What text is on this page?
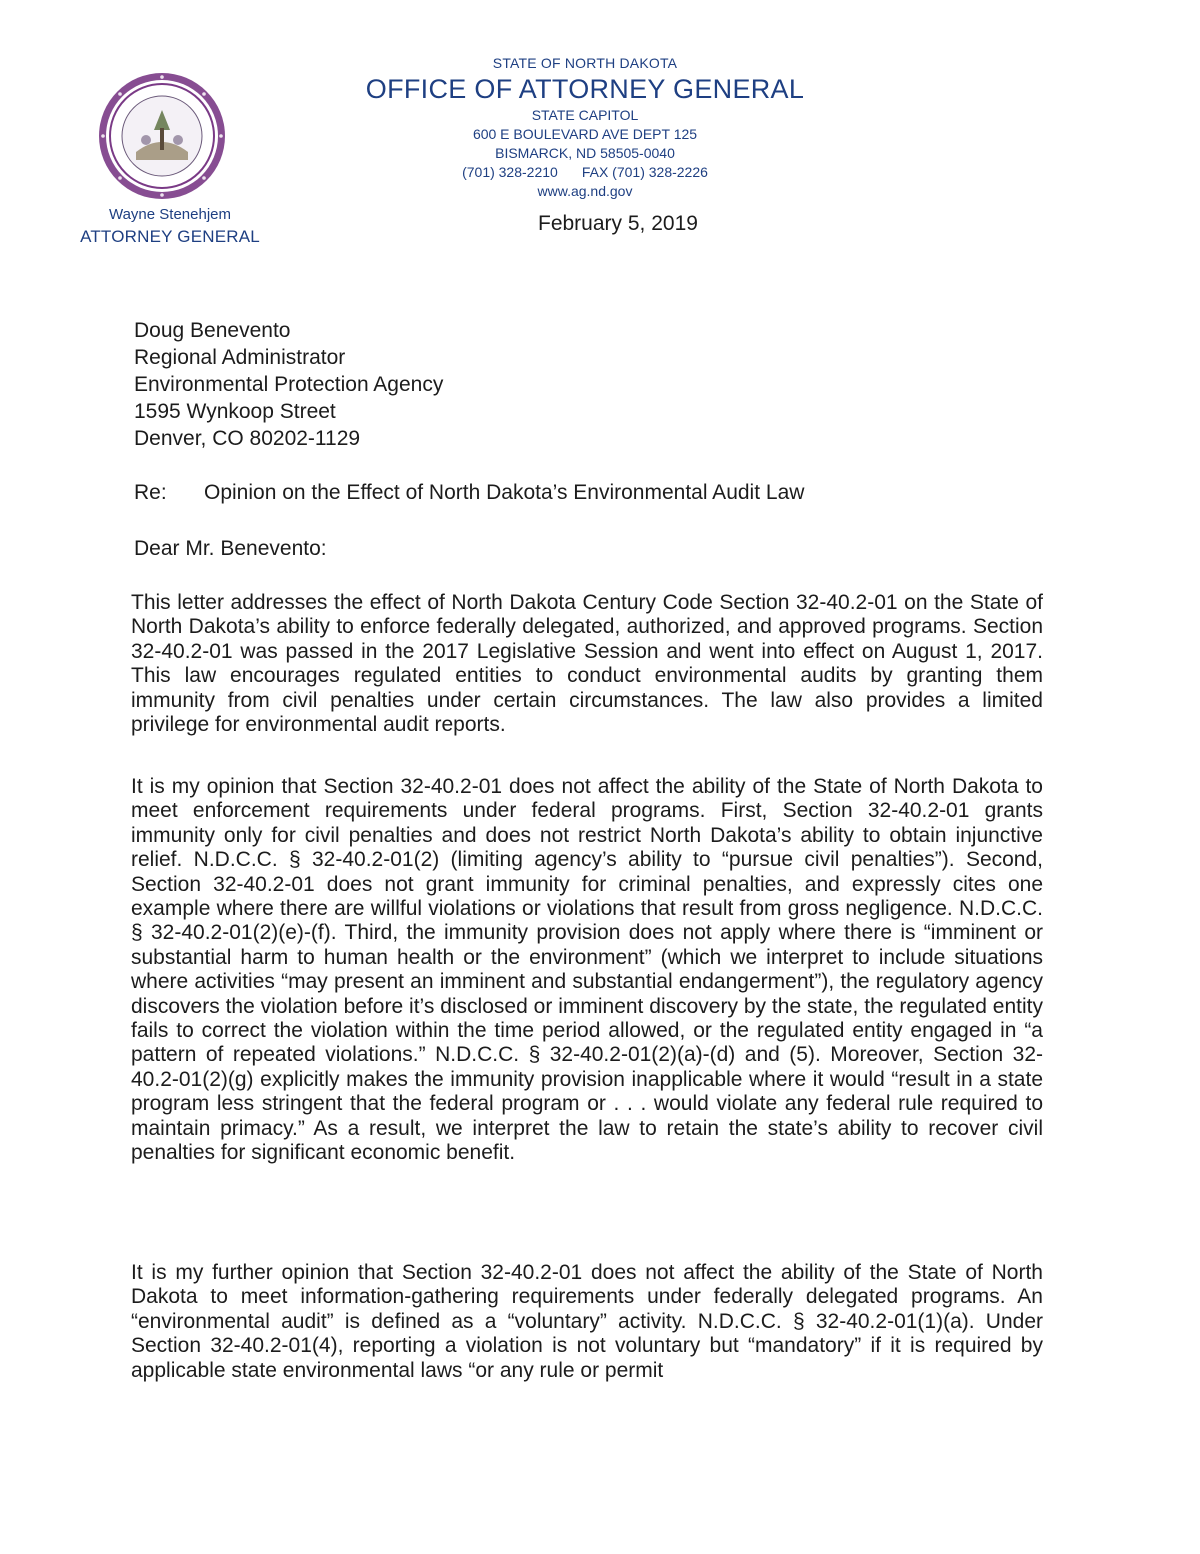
Wayne Stenehjem
ATTORNEY GENERAL
STATE OF NORTH DAKOTA
OFFICE OF ATTORNEY GENERAL
STATE CAPITOL
600 E BOULEVARD AVE DEPT 125
BISMARCK, ND 58505-0040
(701) 328-2210 FAX (701) 328-2226
www.ag.nd.gov
February 5, 2019
Doug Benevento
Regional Administrator
Environmental Protection Agency
1595 Wynkoop Street
Denver, CO 80202-1129
Re: Opinion on the Effect of North Dakota’s Environmental Audit Law
Dear Mr. Benevento:
This letter addresses the effect of North Dakota Century Code Section 32-40.2-01 on the State of North Dakota’s ability to enforce federally delegated, authorized, and approved programs. Section 32-40.2-01 was passed in the 2017 Legislative Session and went into effect on August 1, 2017. This law encourages regulated entities to conduct environmental audits by granting them immunity from civil penalties under certain circumstances. The law also provides a limited privilege for environmental audit reports.
It is my opinion that Section 32-40.2-01 does not affect the ability of the State of North Dakota to meet enforcement requirements under federal programs. First, Section 32-40.2-01 grants immunity only for civil penalties and does not restrict North Dakota’s ability to obtain injunctive relief. N.D.C.C. § 32-40.2-01(2) (limiting agency’s ability to “pursue civil penalties”). Second, Section 32-40.2-01 does not grant immunity for criminal penalties, and expressly cites one example where there are willful violations or violations that result from gross negligence. N.D.C.C. § 32-40.2-01(2)(e)-(f). Third, the immunity provision does not apply where there is “imminent or substantial harm to human health or the environment” (which we interpret to include situations where activities “may present an imminent and substantial endangerment”), the regulatory agency discovers the violation before it’s disclosed or imminent discovery by the state, the regulated entity fails to correct the violation within the time period allowed, or the regulated entity engaged in “a pattern of repeated violations.” N.D.C.C. § 32-40.2-01(2)(a)-(d) and (5). Moreover, Section 32-40.2-01(2)(g) explicitly makes the immunity provision inapplicable where it would “result in a state program less stringent that the federal program or . . . would violate any federal rule required to maintain primacy.” As a result, we interpret the law to retain the state’s ability to recover civil penalties for significant economic benefit.
It is my further opinion that Section 32-40.2-01 does not affect the ability of the State of North Dakota to meet information-gathering requirements under federally delegated programs. An “environmental audit” is defined as a “voluntary” activity. N.D.C.C. § 32-40.2-01(1)(a). Under Section 32-40.2-01(4), reporting a violation is not voluntary but “mandatory” if it is required by applicable state environmental laws “or any rule or permit
